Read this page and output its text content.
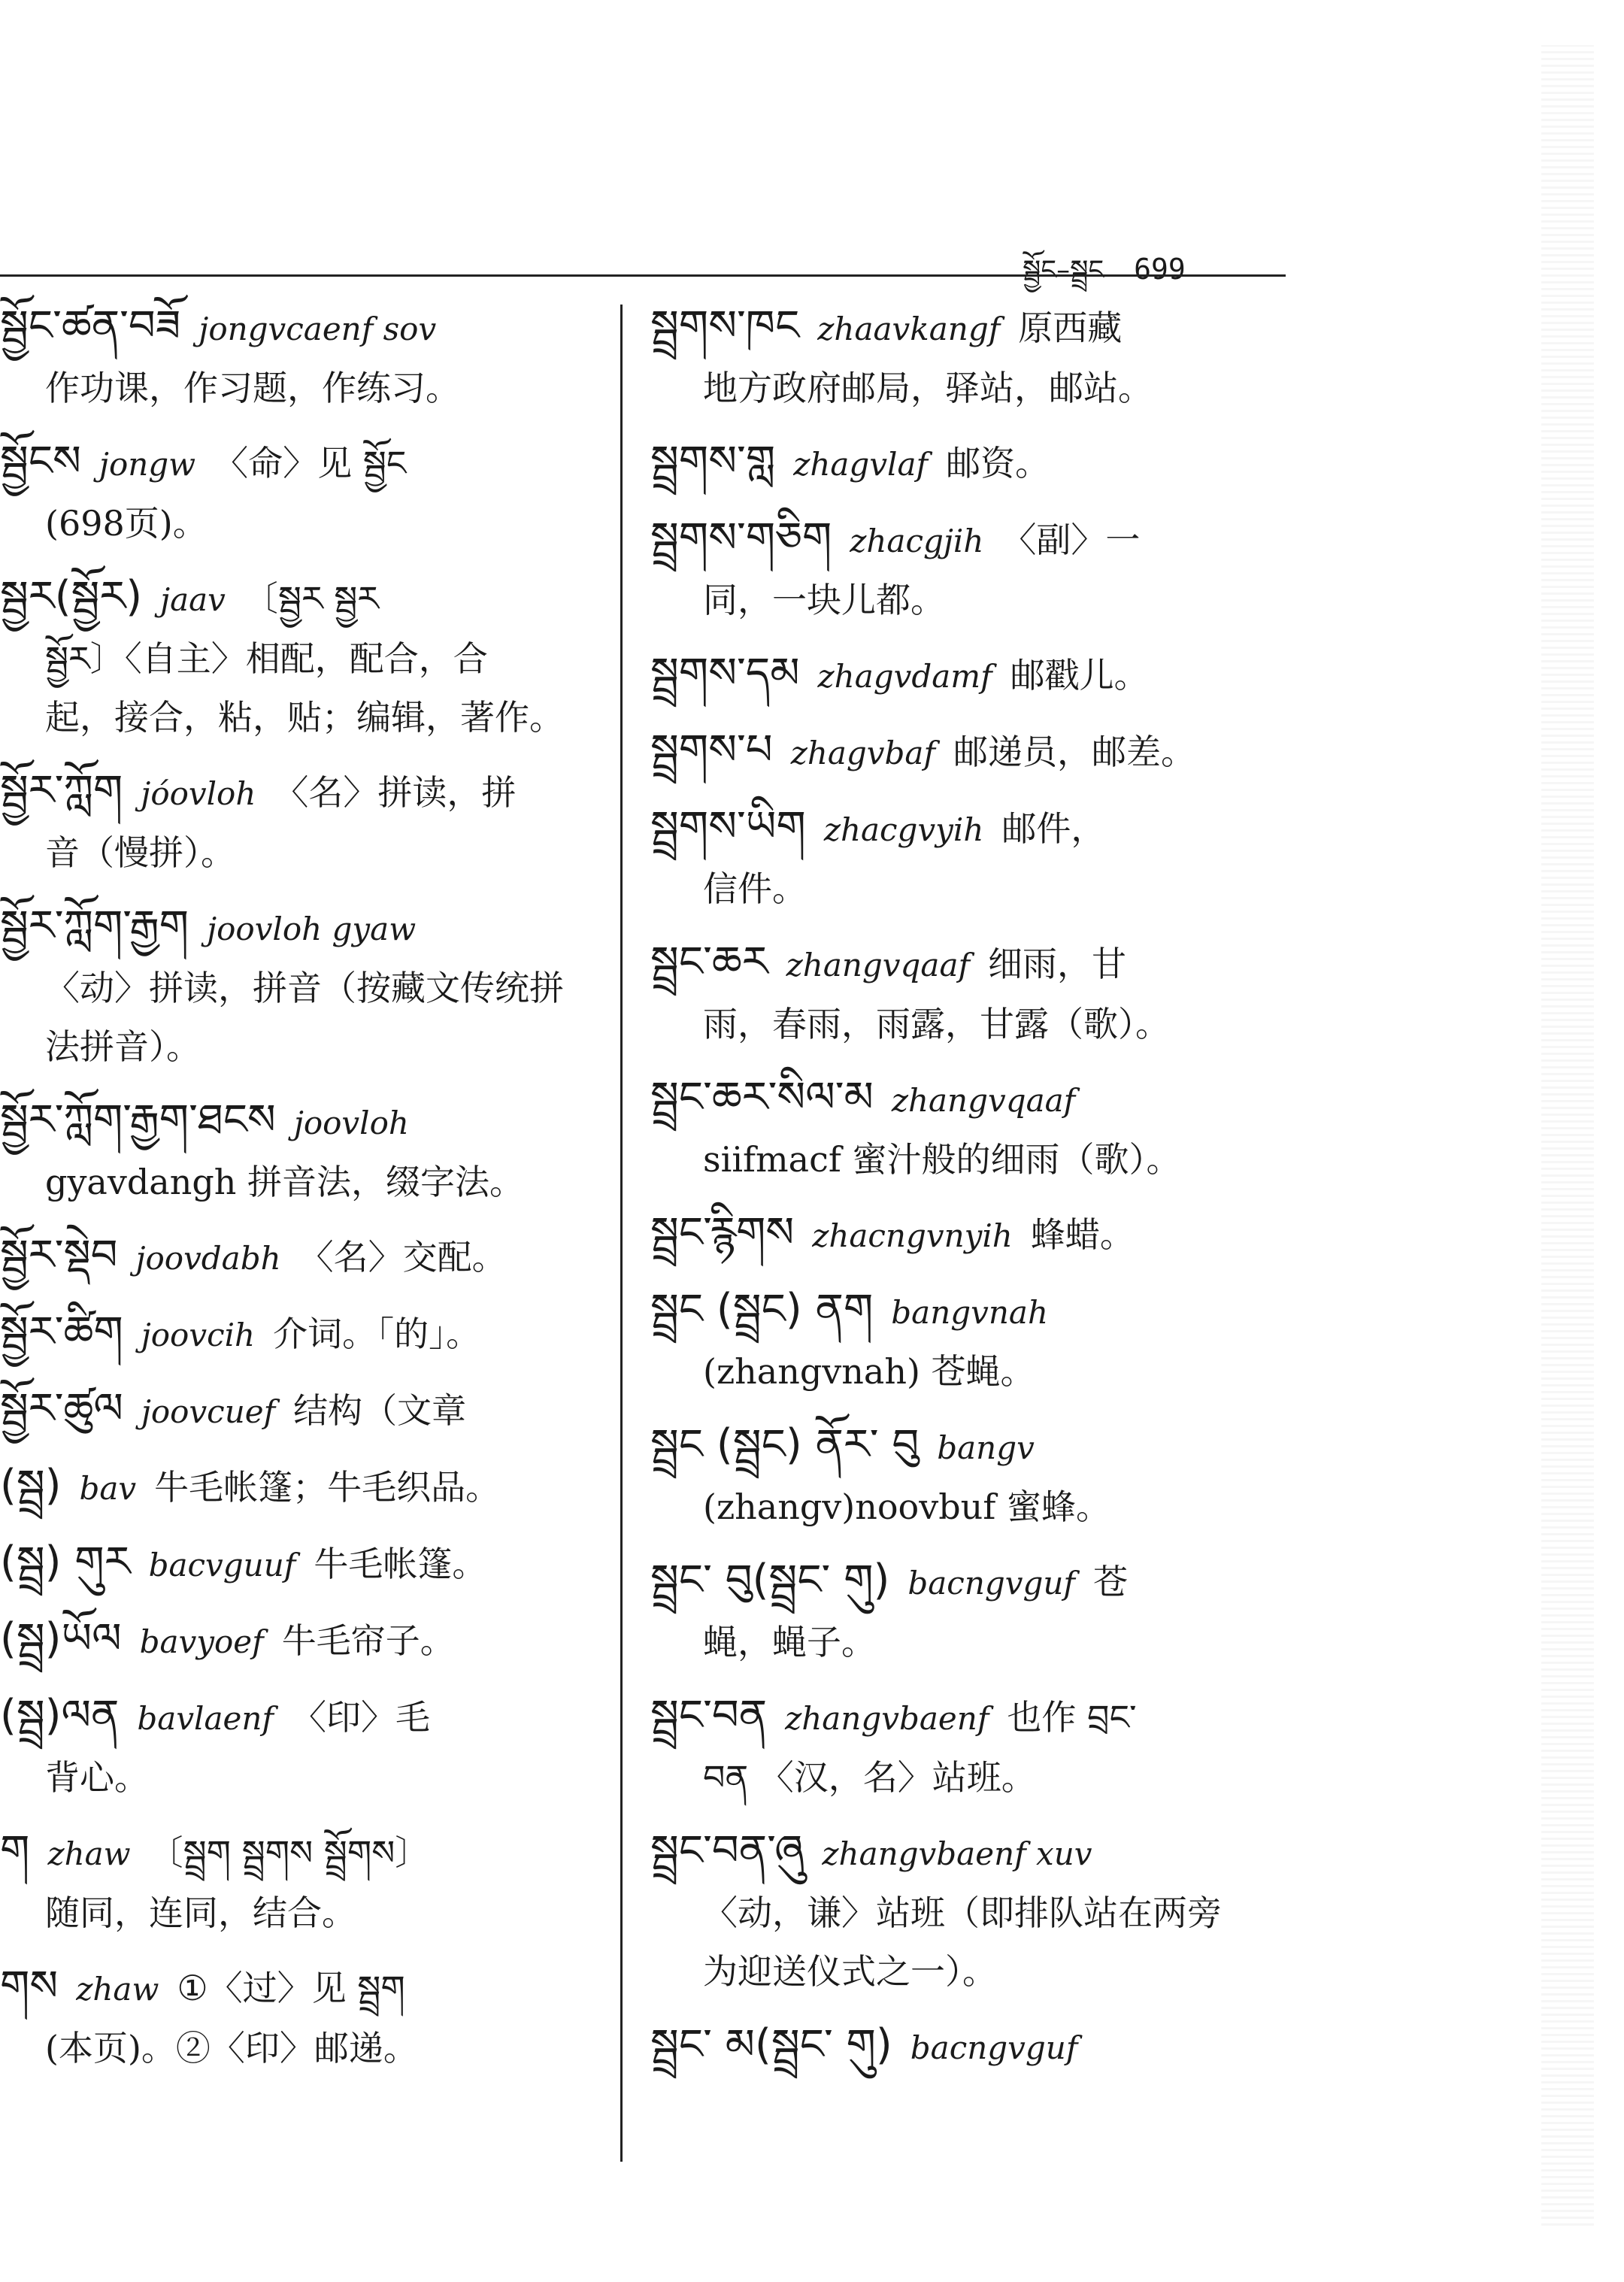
སྦྱོང–སྦྲང 699
སྦྱོང་ཚན་བཟོ jongvcaenf sov
作功课，作习题，作练习。
སྦྱོངས jongw 〈命〉见 སྦྱོང
(698页)。
སྦྱར(སྦྱོར) jaav 〔སྦྱར སྦྱར
སྦྱོར〕〈自主〉相配，配合，合
起，接合，粘，贴；编辑，著作。
སྦྱོར་ཀློག jóovloh 〈名〉拼读，拼
音（慢拼）。
སྦྱོར་ཀློག་རྒྱག joovloh gyaw
〈动〉拼读，拼音（按藏文传统拼
法拼音）。
སྦྱོར་ཀློག་རྒྱག་ཐངས joovloh
gyavdangh 拼音法，缀字法。
སྦྱོར་སྡེབ joovdabh 〈名〉交配。
སྦྱོར་ཚིག joovcih 介词。「的」。
སྦྱོར་ཚུལ joovcuef 结构（文章
(སྦྲ) bav 牛毛帐篷；牛毛织品。
(སྦྲ) གུར bacvguuf 牛毛帐篷。
(སྦྲ)ཡོལ bavyoef 牛毛帘子。
(སྦྲ)ལན bavlaenf 〈印〉毛
背心。
ག zhaw 〔སྦྲག སྦྲགས སྦྲོགས〕
随同，连同，结合。
གས zhaw ①〈过〉见 སྦྲག
(本页)。②〈印〉邮递。
སྦྲགས་ཁང zhaavkangf 原西藏
地方政府邮局，驿站，邮站。
སྦྲགས་གླ zhagvlaf 邮资。
སྦྲགས་གཅིག zhacgjih 〈副〉一
同，一块儿都。
སྦྲགས་དམ zhagvdamf 邮戳儿。
སྦྲགས་པ zhagvbaf 邮递员，邮差。
སྦྲགས་ཡིག zhacgvyih 邮件，
信件。
སྦྲང་ཆར zhangvqaaf 细雨，甘
雨，春雨，雨露，甘露（歌）。
སྦྲང་ཆར་སིལ་མ zhangvqaaf
siifmacf 蜜汁般的细雨（歌）。
སྦྲང་རྙིགས zhacngvnyih 蜂蜡。
སྦྲང (སྦྲང) ནག bangvnah
(zhangvnah) 苍蝇。
སྦྲང (སྦྲང) ནོར་ བུ bangv
(zhangv)noovbuf 蜜蜂。
སྦྲང་ བུ(སྦྲང་ གུ) bacngvguf 苍
蝇，蝇子。
སྦྲང་བན zhangvbaenf 也作 བྲང་
བན 〈汉，名〉站班。
སྦྲང་བན་ཞུ zhangvbaenf xuv
〈动，谦〉站班（即排队站在两旁
为迎送仪式之一）。
སྦྲང་ མ(སྦྲང་ གུ) bacngvguf
